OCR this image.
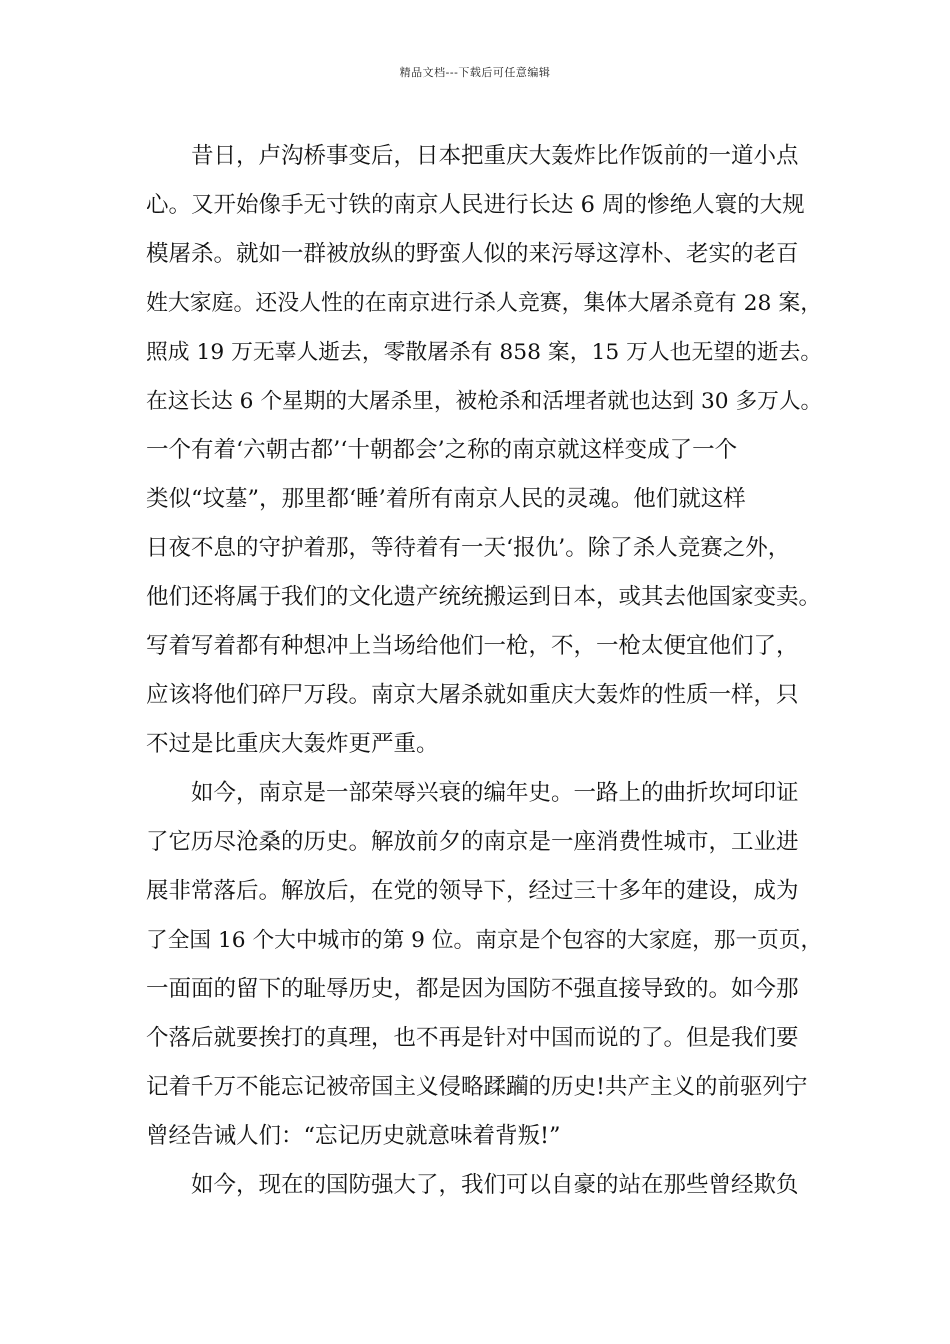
精品文档---下载后可任意编辑
昔日，卢沟桥事变后，日本把重庆大轰炸比作饭前的一道小点
心。又开始像手无寸铁的南京人民进行长达 6 周的惨绝人寰的大规
模屠杀。就如一群被放纵的野蛮人似的来污辱这淳朴、老实的老百
姓大家庭。还没人性的在南京进行杀人竞赛，集体大屠杀竟有 28 案，
照成 19 万无辜人逝去，零散屠杀有 858 案，15 万人也无望的逝去。
在这长达 6 个星期的大屠杀里，被枪杀和活埋者就也达到 30 多万人。
一个有着‘六朝古都’‘十朝都会’之称的南京就这样变成了一个
类似“坟墓”，那里都‘睡’着所有南京人民的灵魂。他们就这样
日夜不息的守护着那，等待着有一天‘报仇’。除了杀人竞赛之外，
他们还将属于我们的文化遗产统统搬运到日本，或其去他国家变卖。
写着写着都有种想冲上当场给他们一枪，不，一枪太便宜他们了，
应该将他们碎尸万段。南京大屠杀就如重庆大轰炸的性质一样，只
不过是比重庆大轰炸更严重。
如今，南京是一部荣辱兴衰的编年史。一路上的曲折坎坷印证
了它历尽沧桑的历史。解放前夕的南京是一座消费性城市，工业进
展非常落后。解放后，在党的领导下，经过三十多年的建设，成为
了全国 16 个大中城市的第 9 位。南京是个包容的大家庭，那一页页，
一面面的留下的耻辱历史，都是因为国防不强直接导致的。如今那
个落后就要挨打的真理，也不再是针对中国而说的了。但是我们要
记着千万不能忘记被帝国主义侵略蹂躏的历史!共产主义的前驱列宁
曾经告诫人们：“忘记历史就意味着背叛!”
如今，现在的国防强大了，我们可以自豪的站在那些曾经欺负
